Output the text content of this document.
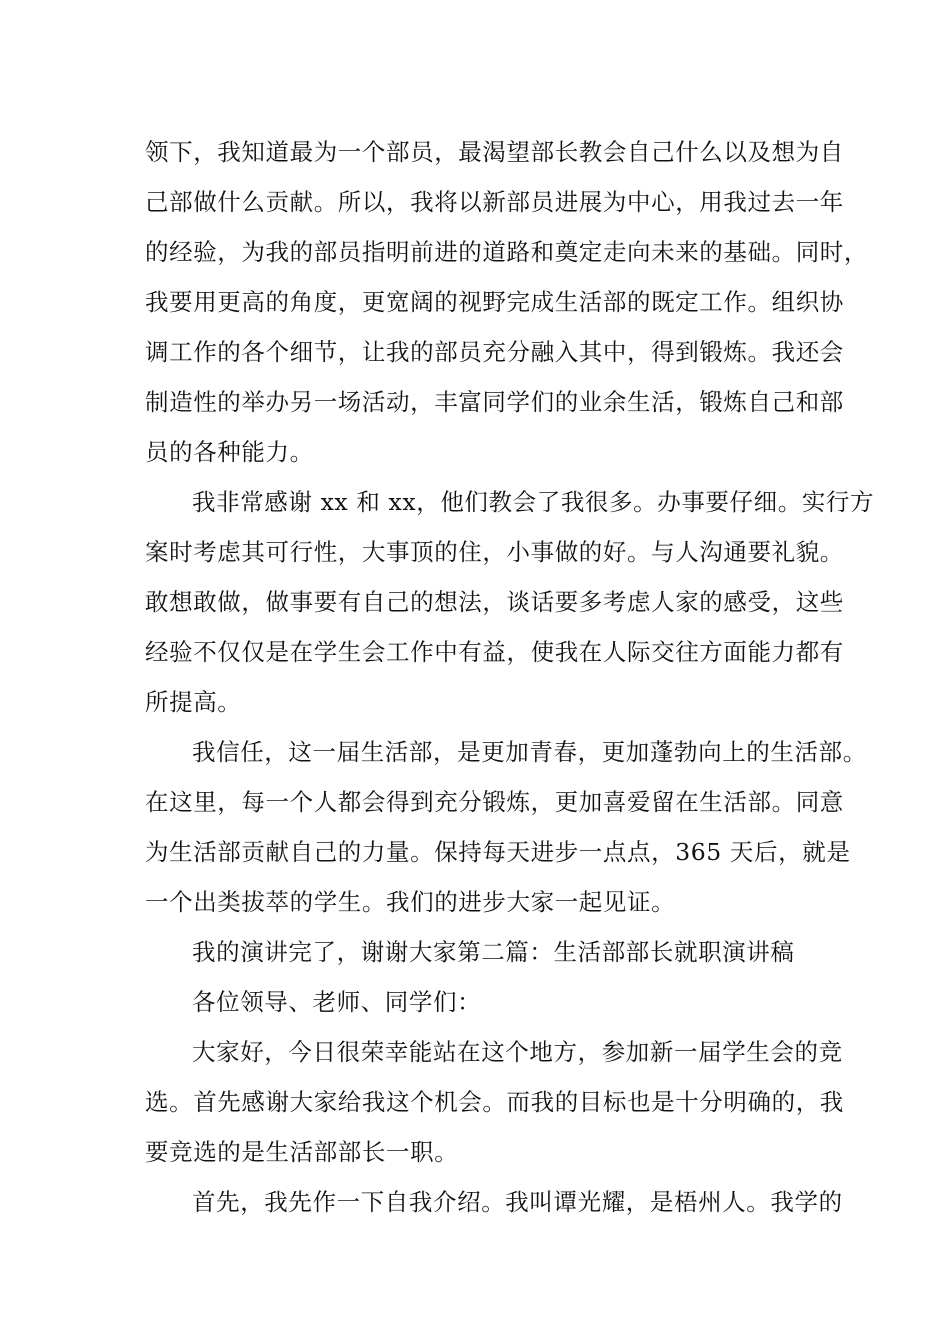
领下，我知道最为一个部员，最渴望部长教会自己什么以及想为自
己部做什么贡献。所以，我将以新部员进展为中心，用我过去一年
的经验，为我的部员指明前进的道路和奠定走向未来的基础。同时，
我要用更高的角度，更宽阔的视野完成生活部的既定工作。组织协
调工作的各个细节，让我的部员充分融入其中，得到锻炼。我还会
制造性的举办另一场活动，丰富同学们的业余生活，锻炼自己和部
员的各种能力。
我非常感谢 xx 和 xx，他们教会了我很多。办事要仔细。实行方
案时考虑其可行性，大事顶的住，小事做的好。与人沟通要礼貌。
敢想敢做，做事要有自己的想法，谈话要多考虑人家的感受，这些
经验不仅仅是在学生会工作中有益，使我在人际交往方面能力都有
所提高。
我信任，这一届生活部，是更加青春，更加蓬勃向上的生活部。
在这里，每一个人都会得到充分锻炼，更加喜爱留在生活部。同意
为生活部贡献自己的力量。保持每天进步一点点，365 天后，就是
一个出类拔萃的学生。我们的进步大家一起见证。
我的演讲完了，谢谢大家第二篇：生活部部长就职演讲稿
各位领导、老师、同学们：
大家好，今日很荣幸能站在这个地方，参加新一届学生会的竞
选。首先感谢大家给我这个机会。而我的目标也是十分明确的，我
要竞选的是生活部部长一职。
首先，我先作一下自我介绍。我叫谭光耀，是梧州人。我学的
